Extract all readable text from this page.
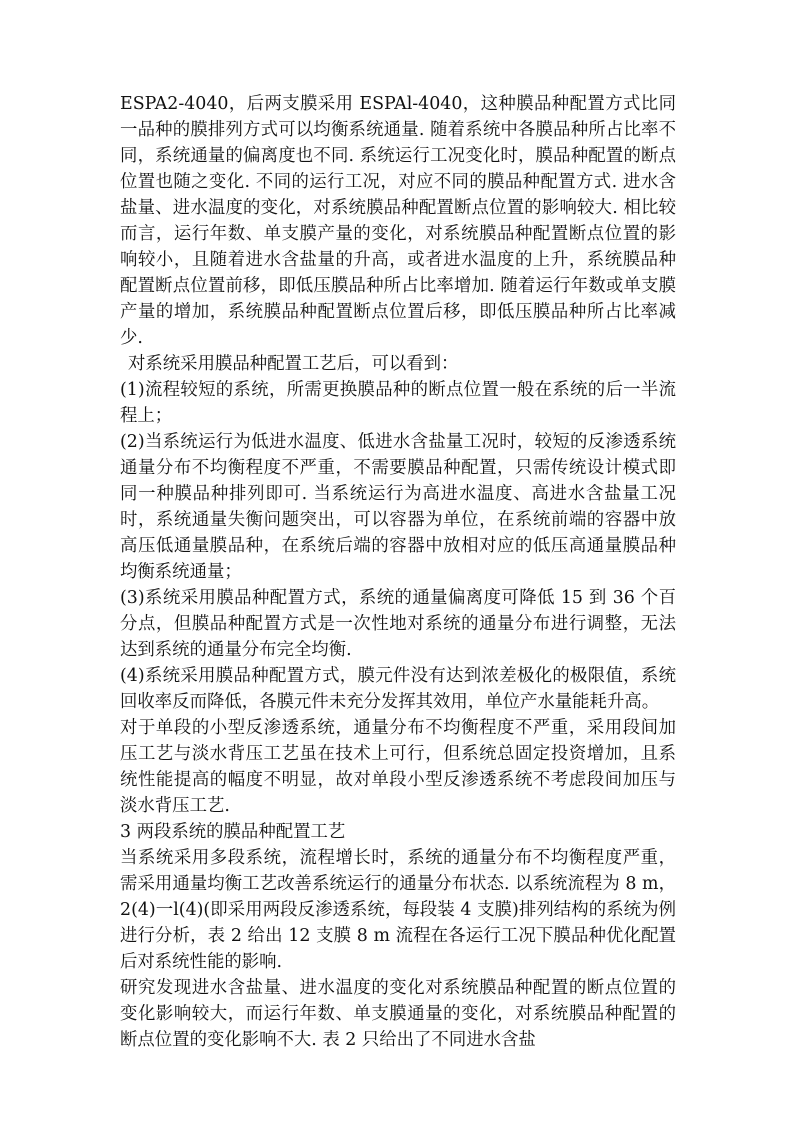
ESPA2-4040，后两支膜采用 ESPAl-4040，这种膜品种配置方式比同一品种的膜排列方式可以均衡系统通量. 随着系统中各膜品种所占比率不同，系统通量的偏离度也不同. 系统运行工况变化时，膜品种配置的断点位置也随之变化. 不同的运行工况，对应不同的膜品种配置方式. 进水含盐量、进水温度的变化，对系统膜品种配置断点位置的影响较大. 相比较而言，运行年数、单支膜产量的变化，对系统膜品种配置断点位置的影响较小，且随着进水含盐量的升高，或者进水温度的上升，系统膜品种配置断点位置前移，即低压膜品种所占比率增加. 随着运行年数或单支膜产量的增加，系统膜品种配置断点位置后移，即低压膜品种所占比率减少.

对系统采用膜品种配置工艺后，可以看到：

(1)流程较短的系统，所需更换膜品种的断点位置一般在系统的后一半流程上；

(2)当系统运行为低进水温度、低进水含盐量工况时，较短的反渗透系统通量分布不均衡程度不严重，不需要膜品种配置，只需传统设计模式即同一种膜品种排列即可. 当系统运行为高进水温度、高进水含盐量工况时，系统通量失衡问题突出，可以容器为单位，在系统前端的容器中放高压低通量膜品种，在系统后端的容器中放相对应的低压高通量膜品种均衡系统通量；

(3)系统采用膜品种配置方式，系统的通量偏离度可降低 15 到 36 个百分点，但膜品种配置方式是一次性地对系统的通量分布进行调整，无法达到系统的通量分布完全均衡.

(4)系统采用膜品种配置方式，膜元件没有达到浓差极化的极限值，系统回收率反而降低，各膜元件未充分发挥其效用，单位产水量能耗升高。

对于单段的小型反渗透系统，通量分布不均衡程度不严重，采用段间加压工艺与淡水背压工艺虽在技术上可行，但系统总固定投资增加，且系统性能提高的幅度不明显，故对单段小型反渗透系统不考虑段间加压与淡水背压工艺.

3 两段系统的膜品种配置工艺

当系统采用多段系统，流程增长时，系统的通量分布不均衡程度严重，需采用通量均衡工艺改善系统运行的通量分布状态. 以系统流程为 8 m，2(4)一l(4)(即采用两段反渗透系统，每段装 4 支膜)排列结构的系统为例进行分析，表 2 给出 12 支膜 8 m 流程在各运行工况下膜品种优化配置后对系统性能的影响.

研究发现进水含盐量、进水温度的变化对系统膜品种配置的断点位置的变化影响较大，而运行年数、单支膜通量的变化，对系统膜品种配置的断点位置的变化影响不大. 表 2 只给出了不同进水含盐
